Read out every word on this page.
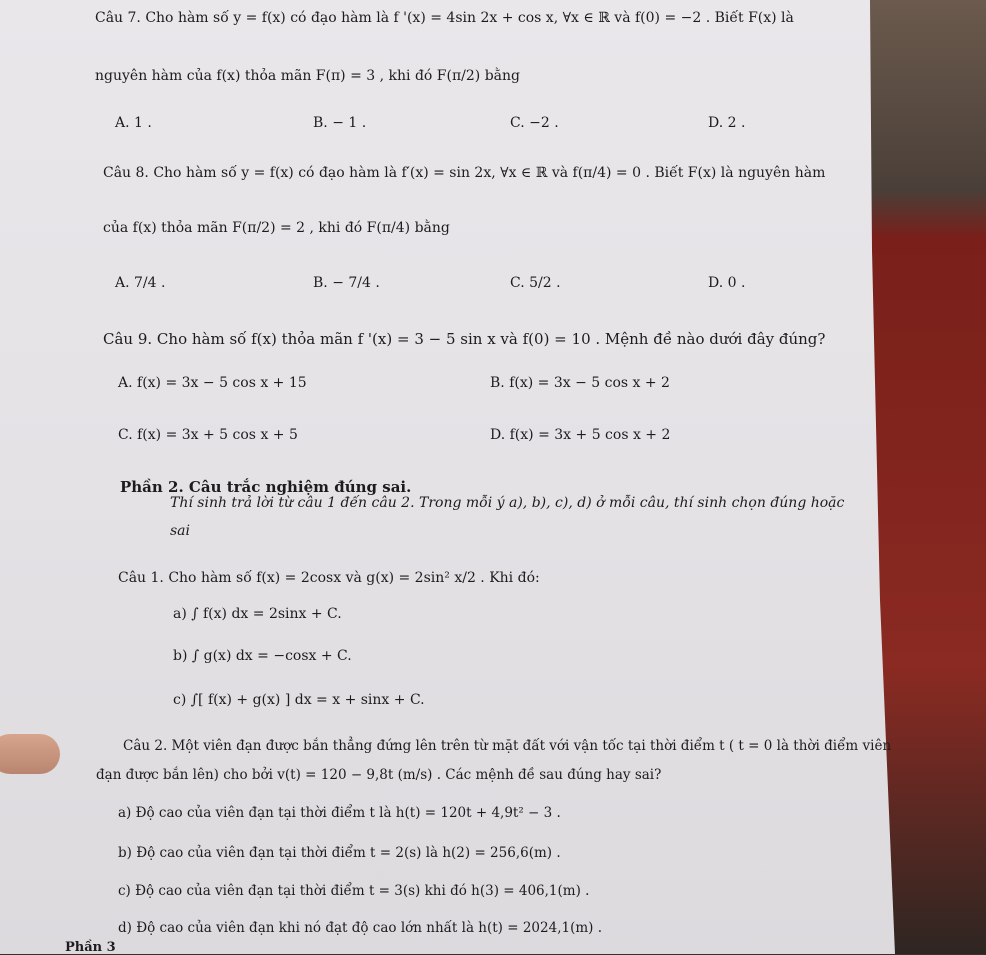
Câu 7. Cho hàm số y = f(x) có đạo hàm là f '(x) = 4sin 2x + cos x, ∀x ∈ ℝ và f(0) = −2 . Biết F(x) là
nguyên hàm của f(x) thỏa mãn F(π) = 3 , khi đó F(π/2) bằng
A. 1 .	B. − 1 .	C. −2 .	D. 2 .
Câu 8. Cho hàm số y = f(x) có đạo hàm là f′(x) = sin 2x, ∀x ∈ ℝ và f(π/4) = 0 . Biết F(x) là nguyên hàm
của f(x) thỏa mãn F(π/2) = 2 , khi đó F(π/4) bằng
A. 7/4 .	B. − 7/4 .	C. 5/2 .	D. 0 .
Câu 9. Cho hàm số f(x) thỏa mãn f '(x) = 3 − 5 sin x và f(0) = 10 . Mệnh đề nào dưới đây đúng?
A. f(x) = 3x − 5 cos x + 15	B. f(x) = 3x − 5 cos x + 2
C. f(x) = 3x + 5 cos x + 5	D. f(x) = 3x + 5 cos x + 2
Phần 2. Câu trắc nghiệm đúng sai.
Thí sinh trả lời từ câu 1 đến câu 2. Trong mỗi ý a), b), c), d) ở mỗi câu, thí sinh chọn đúng hoặc
sai
Câu 1. Cho hàm số f(x) = 2cosx và g(x) = 2sin² x/2 . Khi đó:
a) ∫ f(x) dx = 2sinx + C.
b) ∫ g(x) dx = −cosx + C.
c) ∫[ f(x) + g(x) ] dx = x + sinx + C.
Câu 2. Một viên đạn được bắn thẳng đứng lên trên từ mặt đất với vận tốc tại thời điểm t ( t = 0 là thời điểm viên
đạn được bắn lên) cho bởi v(t) = 120 − 9,8t (m/s) . Các mệnh đề sau đúng hay sai?
a) Độ cao của viên đạn tại thời điểm t là h(t) = 120t + 4,9t² − 3 .
b) Độ cao của viên đạn tại thời điểm t = 2(s) là h(2) = 256,6(m) .
c) Độ cao của viên đạn tại thời điểm t = 3(s) khi đó h(3) = 406,1(m) .
d) Độ cao của viên đạn khi nó đạt độ cao lớn nhất là h(t) = 2024,1(m) .
Phần 3
